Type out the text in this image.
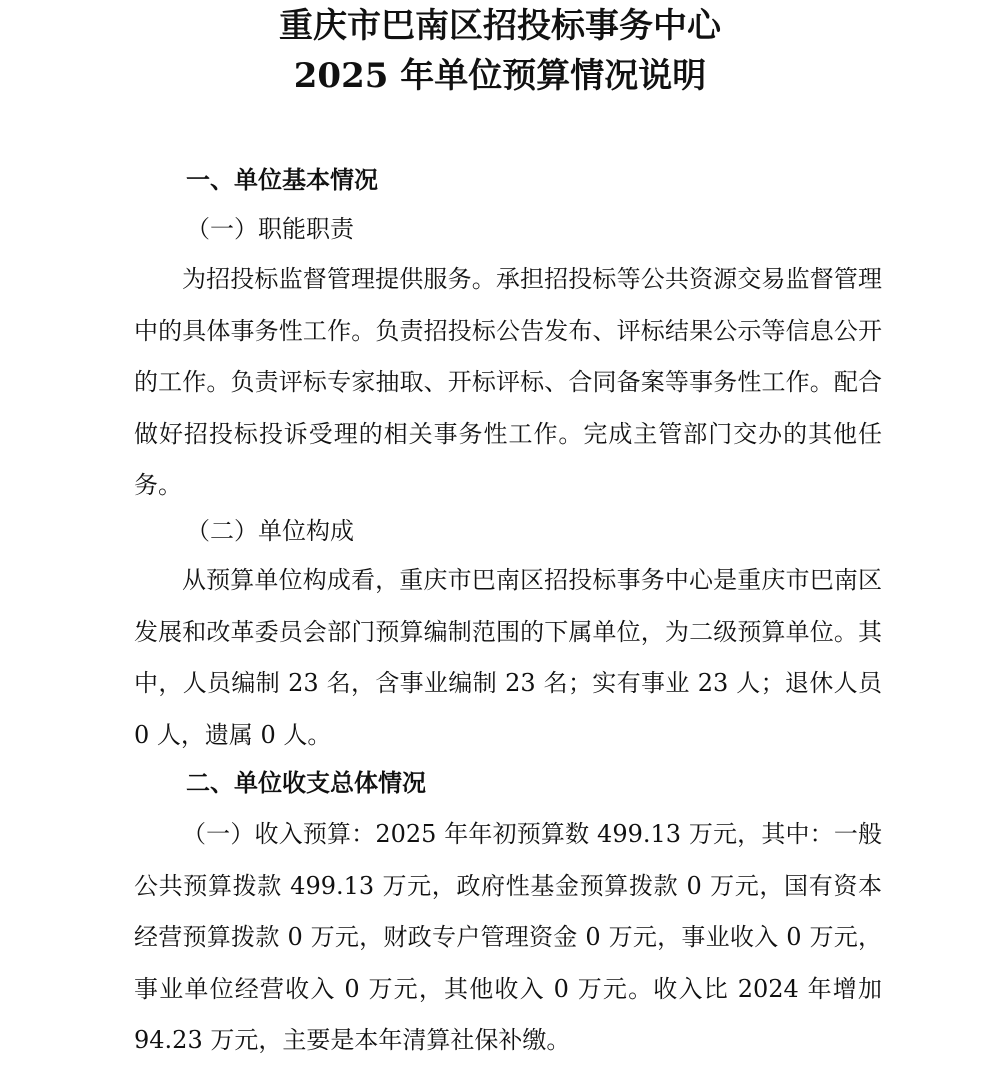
重庆市巴南区招投标事务中心
2025 年单位预算情况说明
一、单位基本情况
（一）职能职责

为招投标监督管理提供服务。承担招投标等公共资源交易监督管理中的具体事务性工作。负责招投标公告发布、评标结果公示等信息公开的工作。负责评标专家抽取、开标评标、合同备案等事务性工作。配合做好招投标投诉受理的相关事务性工作。完成主管部门交办的其他任务。

（二）单位构成

从预算单位构成看，重庆市巴南区招投标事务中心是重庆市巴南区发展和改革委员会部门预算编制范围的下属单位，为二级预算单位。其中，人员编制 23 名，含事业编制 23 名；实有事业 23 人；退休人员 0 人，遗属 0 人。

二、单位收支总体情况

（一）收入预算：2025 年年初预算数 499.13 万元，其中：一般公共预算拨款 499.13 万元，政府性基金预算拨款 0 万元，国有资本经营预算拨款 0 万元，财政专户管理资金 0 万元，事业收入 0 万元，事业单位经营收入 0 万元，其他收入 0 万元。收入比 2024 年增加 94.23 万元，主要是本年清算社保补缴。
